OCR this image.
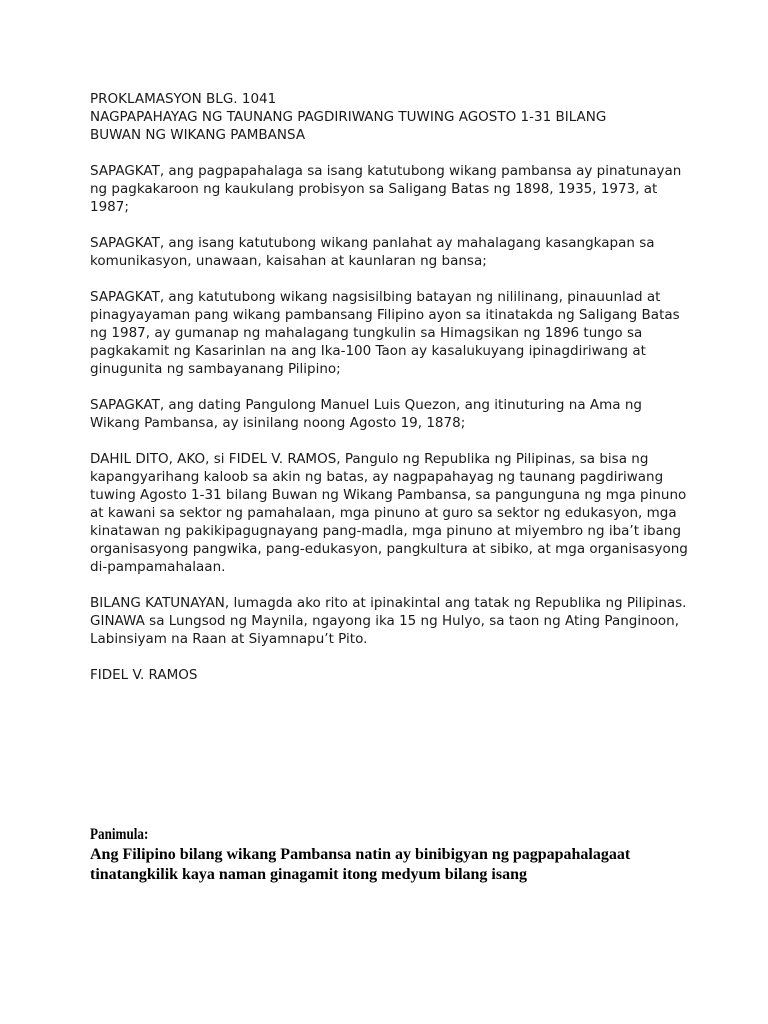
PROKLAMASYON BLG. 1041
NAGPAPAHAYAG NG TAUNANG PAGDIRIWANG TUWING AGOSTO 1-31 BILANG
BUWAN NG WIKANG PAMBANSA

SAPAGKAT, ang pagpapahalaga sa isang katutubong wikang pambansa ay pinatunayan ng pagkakaroon ng kaukulang probisyon sa Saligang Batas ng 1898, 1935, 1973, at 1987;

SAPAGKAT, ang isang katutubong wikang panlahat ay mahalagang kasangkapan sa komunikasyon, unawaan, kaisahan at kaunlaran ng bansa;

SAPAGKAT, ang katutubong wikang nagsisilbing batayan ng nililinang, pinauunlad at pinagyayaman pang wikang pambansang Filipino ayon sa itinatakda ng Saligang Batas ng 1987, ay gumanap ng mahalagang tungkulin sa Himagsikan ng 1896 tungo sa pagkakamit ng Kasarinlan na ang Ika-100 Taon ay kasalukuyang ipinagdiriwang at ginugunita ng sambayanang Pilipino;

SAPAGKAT, ang dating Pangulong Manuel Luis Quezon, ang itinuturing na Ama ng Wikang Pambansa, ay isinilang noong Agosto 19, 1878;

DAHIL DITO, AKO, si FIDEL V. RAMOS, Pangulo ng Republika ng Pilipinas, sa bisa ng kapangyarihang kaloob sa akin ng batas, ay nagpapahayag ng taunang pagdiriwang tuwing Agosto 1-31 bilang Buwan ng Wikang Pambansa, sa pangunguna ng mga pinuno at kawani sa sektor ng pamahalaan, mga pinuno at guro sa sektor ng edukasyon, mga kinatawan ng pakikipagugnayang pang-madla, mga pinuno at miyembro ng iba’t ibang organisasyong pangwika, pang-edukasyon, pangkultura at sibiko, at mga organisasyong di-pampamahalaan.

BILANG KATUNAYAN, lumagda ako rito at ipinakintal ang tatak ng Republika ng Pilipinas.
GINAWA sa Lungsod ng Maynila, ngayong ika 15 ng Hulyo, sa taon ng Ating Panginoon, Labinsiyam na Raan at Siyamnapu’t Pito.

FIDEL V. RAMOS

Panimula:

Ang Filipino bilang wikang Pambansa natin ay binibigyan ng pagpapahalagaat tinatangkilik kaya naman ginagamit itong medyum bilang isang
